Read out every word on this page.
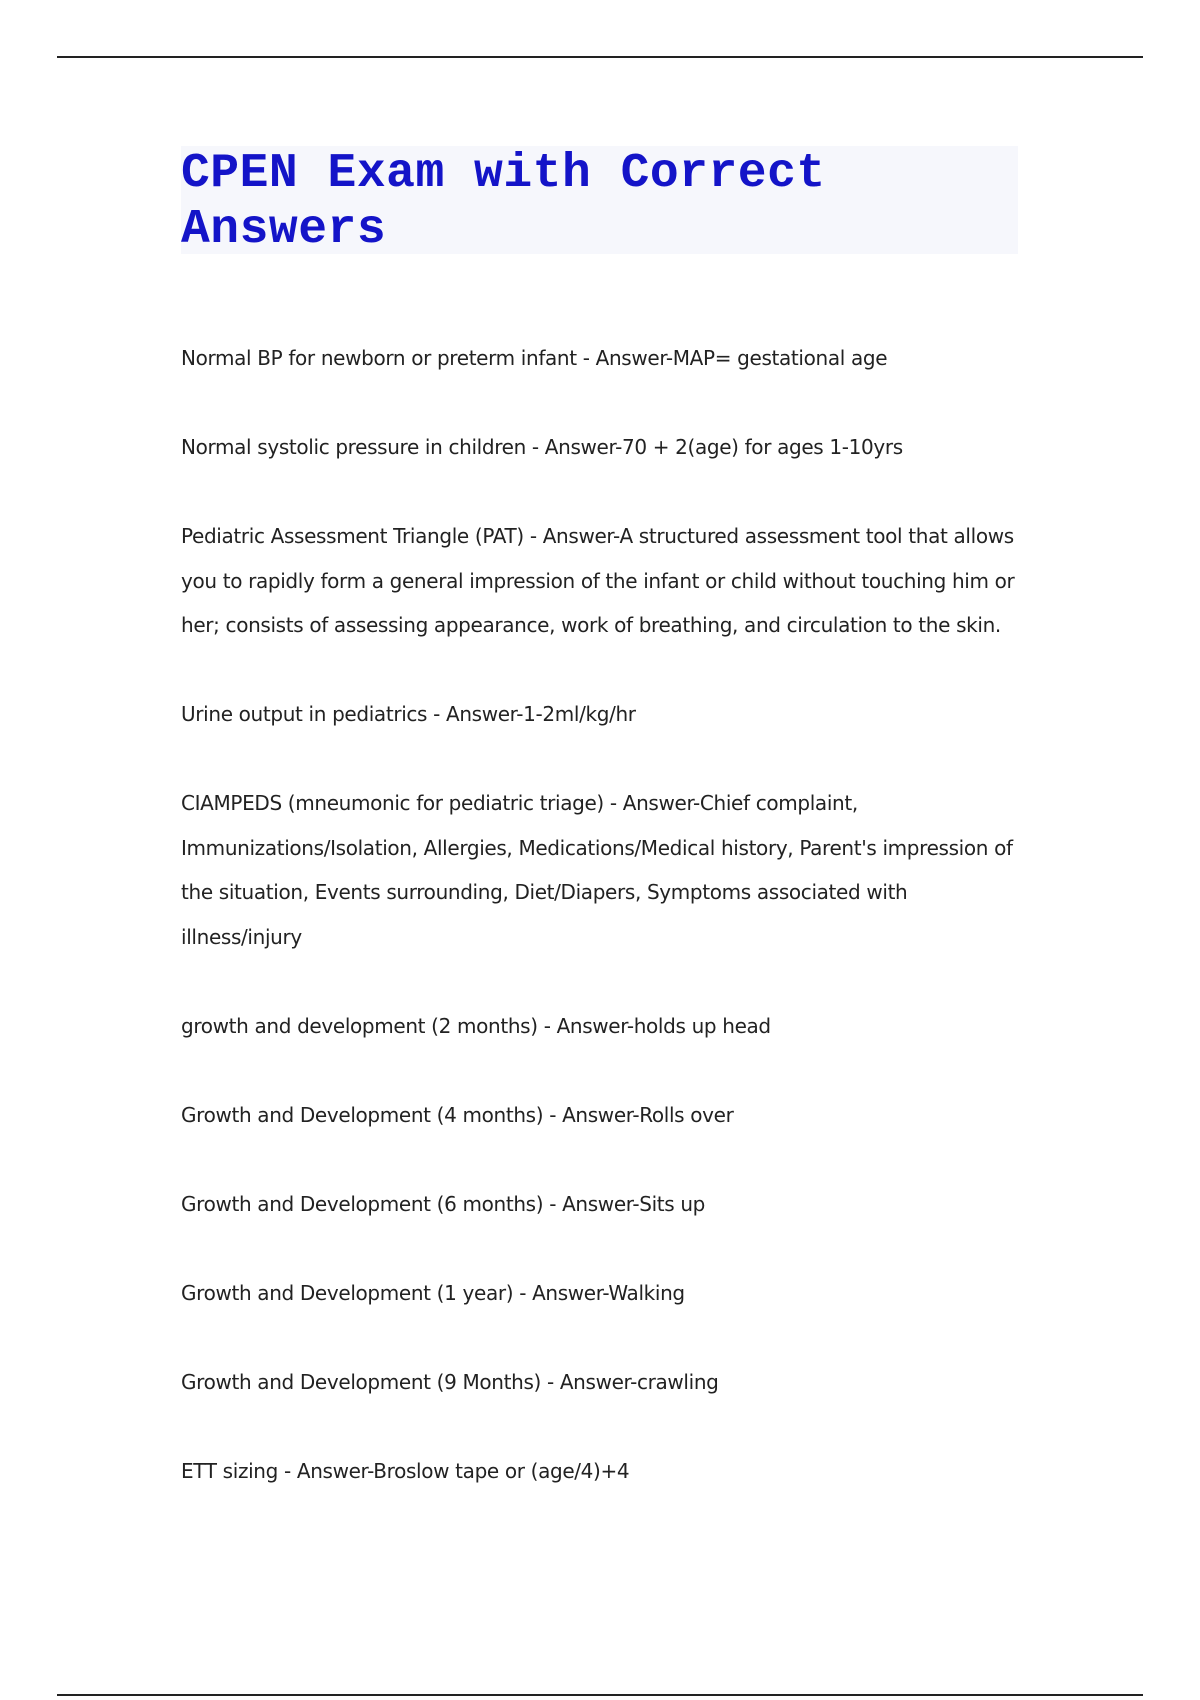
CPEN Exam with Correct Answers
Normal BP for newborn or preterm infant - Answer-MAP= gestational age
Normal systolic pressure in children - Answer-70 + 2(age) for ages 1-10yrs
Pediatric Assessment Triangle (PAT) - Answer-A structured assessment tool that allows you to rapidly form a general impression of the infant or child without touching him or her; consists of assessing appearance, work of breathing, and circulation to the skin.
Urine output in pediatrics - Answer-1-2ml/kg/hr
CIAMPEDS (mneumonic for pediatric triage) - Answer-Chief complaint, Immunizations/Isolation, Allergies, Medications/Medical history, Parent's impression of the situation, Events surrounding, Diet/Diapers, Symptoms associated with illness/injury
growth and development (2 months) - Answer-holds up head
Growth and Development (4 months) - Answer-Rolls over
Growth and Development (6 months) - Answer-Sits up
Growth and Development (1 year) - Answer-Walking
Growth and Development (9 Months) - Answer-crawling
ETT sizing - Answer-Broslow tape or (age/4)+4
